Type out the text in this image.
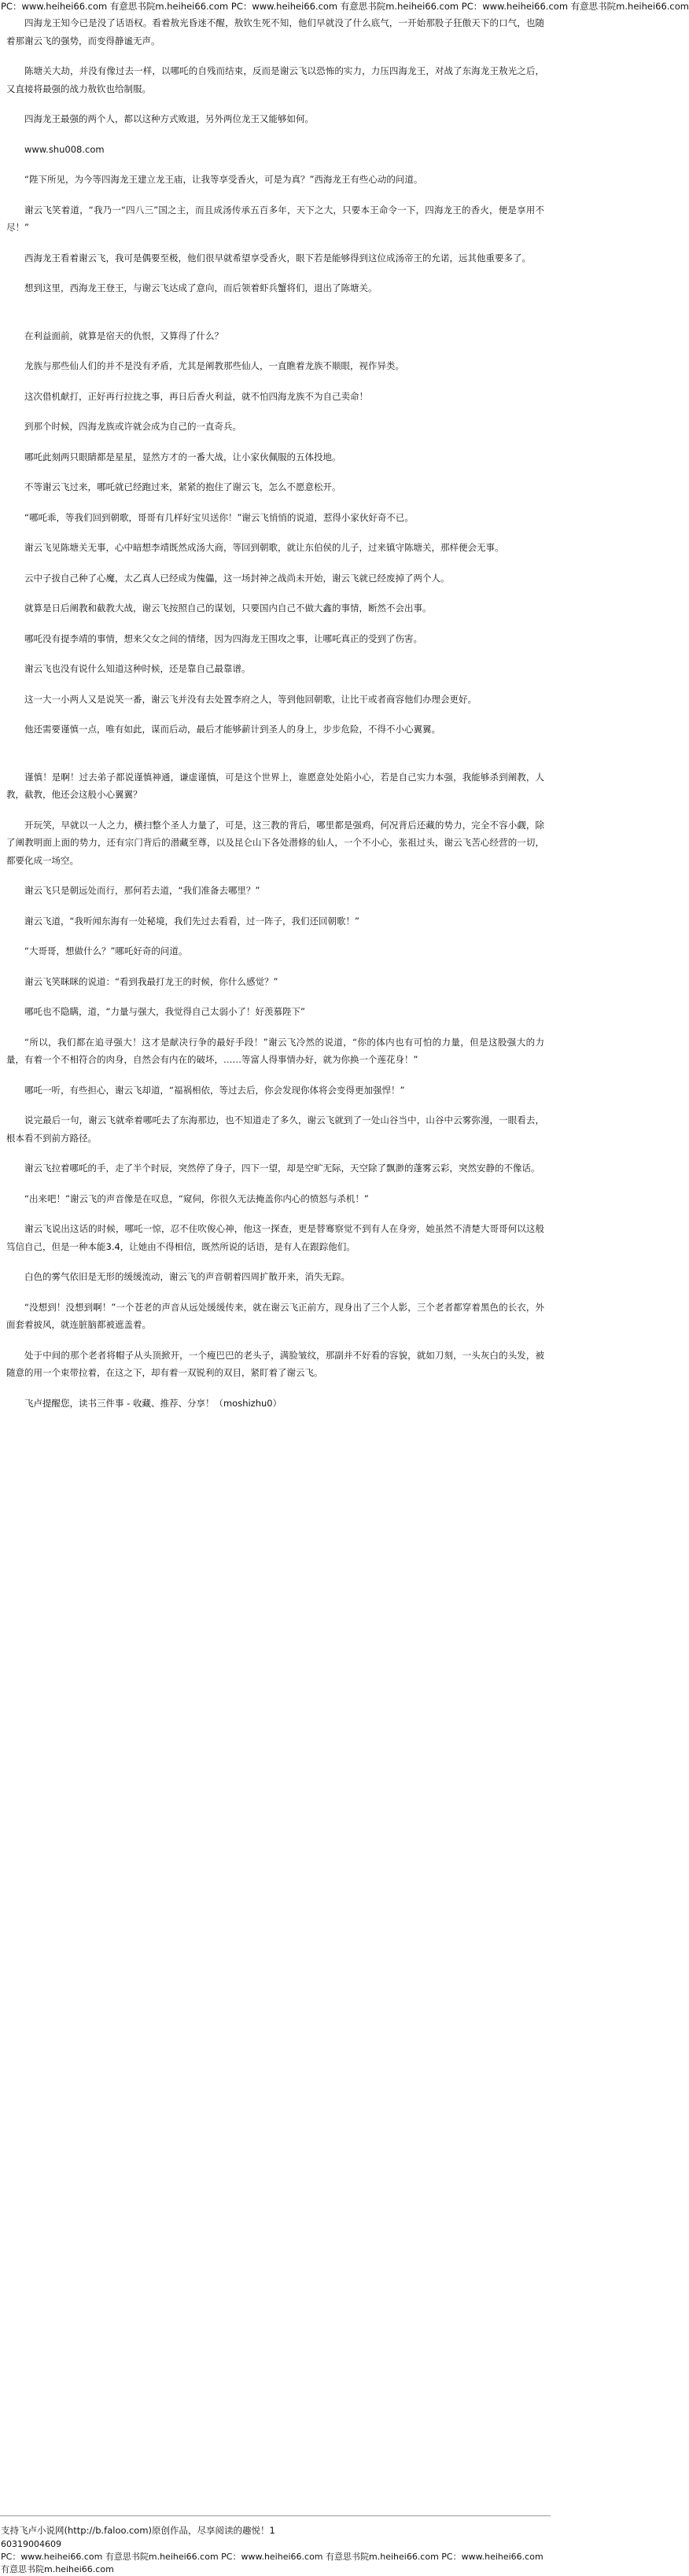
PC：www.heihei66.com 有意思书院m.heihei66.com PC：www.heihei66.com 有意思书院m.heihei66.com PC：www.heihei66.com 有意思书院m.heihei66.com

四海龙王知今已是没了话语权。看着敖光昏迷不醒，敖钦生死不知，他们早就没了什么底气，一开始那股子狂傲天下的口气，也随着那谢云飞的强势，而变得静谧无声。

陈塘关大劫，并没有像过去一样，以哪吒的自残而结束，反而是谢云飞以恐怖的实力，力压四海龙王，对战了东海龙王敖光之后，又直接将最强的战力敖钦也给制服。

四海龙王最强的两个人，都以这种方式败退，另外两位龙王又能够如何。

www.shu008.com

“陛下所见，为今等四海龙王建立龙王庙，让我等享受香火，可是为真？”西海龙王有些心动的问道。

谢云飞笑着道，“我乃一“四八三”国之主，而且成汤传承五百多年，天下之大，只要本王命令一下，四海龙王的香火，便是享用不尽！”

西海龙王看着谢云飞，我可是偶要至极，他们很早就希望享受香火，眼下若是能够得到这位成汤帝王的允诺，远其他重要多了。

想到这里，西海龙王登王，与谢云飞达成了意向，而后领着虾兵蟹将们，退出了陈塘关。

在利益面前，就算是宿天的仇恨，又算得了什么？

龙族与那些仙人们的并不是没有矛盾，尤其是阐教那些仙人，一直瞧着龙族不顺眼，视作异类。

这次借机献打，正好再行拉拢之事，再日后香火利益，就不怕四海龙族不为自己卖命！

到那个时候，四海龙族或许就会成为自己的一直奇兵。

哪吒此刻两只眼睛都是星星，显然方才的一番大战，让小家伙佩服的五体投地。

不等谢云飞过来，哪吒就已经跑过来，紧紧的抱住了谢云飞，怎么不愿意松开。

“哪吒乖，等我们回到朝歌，哥哥有几样好宝贝送你！”谢云飞悄悄的说道，惹得小家伙好奇不已。

谢云飞见陈塘关无事，心中暗想李靖既然成汤大商，等回到朝歌，就让东伯侯的儿子，过来镇守陈塘关，那样便会无事。

云中子拔自己种了心魔，太乙真人已经成为傀儡，这一场封神之战尚未开始，谢云飞就已经废掉了两个人。

就算是日后阐教和截教大战，谢云飞按照自己的谋划，只要国内自己不做大鑫的事情，断然不会出事。

哪吒没有提李靖的事情，想来父女之间的情绪，因为四海龙王围攻之事，让哪吒真正的受到了伤害。

谢云飞也没有说什么知道这种时候，还是靠自己最靠谱。

这一大一小两人又是说笑一番，谢云飞并没有去处置李府之人，等到他回朝歌，让比干或者商容他们办理会更好。

他还需要谨慎一点，唯有如此，谋而后动，最后才能够薪计到圣人的身上，步步危险，不得不小心翼翼。

谨慎！是啊！过去弟子都说谨慎神通，谦虚谨慎，可是这个世界上，谁愿意处处陷小心，若是自己实力本强，我能够杀到阐教，人教，截教，他还会这般小心翼翼？

开玩笑，早就以一人之力，横扫整个圣人力量了，可是，这三教的背后，哪里都是强鸡，何况背后还藏的势力，完全不容小觑，除了阐教明面上面的势力，还有宗门背后的潜藏至尊，以及昆仑山下各处潜修的仙人，一个不小心，张祖过头，谢云飞苦心经营的一切，都要化成一场空。

谢云飞只是朝远处而行，那何若去道，“我们准备去哪里？”

谢云飞道，“我听闻东海有一处秘境，我们先过去看看，过一阵子，我们还回朝歌！”

“大哥哥，想做什么？”哪吒好奇的问道。

谢云飞笑眯眯的说道：“看到我最打龙王的时候，你什么感觉？”

哪吒也不隐瞒，道，“力量与强大，我觉得自己太弱小了！好羡慕陛下”

“所以，我们都在追寻强大！这才是献决行争的最好手段！”谢云飞冷然的说道，“你的体内也有可怕的力量，但是这股强大的力量，有着一个不相符合的肉身，自然会有内在的破坏，……等富人得事情办好，就为你换一个莲花身！”

哪吒一听，有些担心，谢云飞却道，“福祸相依，等过去后，你会发现你体将会变得更加强悍！”

说完最后一句，谢云飞就牵着哪吒去了东海那边，也不知道走了多久，谢云飞就到了一处山谷当中，山谷中云雾弥漫，一眼看去，根本看不到前方路径。

谢云飞拉着哪吒的手，走了半个时辰，突然停了身子，四下一望，却是空旷无际，天空除了飘渺的蓬雾云彩，突然安静的不像话。

“出来吧！”谢云飞的声音像是在叹息，“窥伺，你很久无法掩盖你内心的愤怒与杀机！”

谢云飞说出这话的时候，哪吒一惊，忍不住吹俊心神，他这一探查，更是替骞察觉不到有人在身旁，她虽然不清楚大哥哥何以这般笃信自己，但是一种本能3.4，让她由不得相信，既然所说的话语，是有人在跟踪他们。

白色的雾气依旧是无形的缓缓流动，谢云飞的声音朝着四周扩散开来，消失无踪。

“没想到！没想到啊！”一个苍老的声音从远处缓缓传来，就在谢云飞正前方，现身出了三个人影，三个老者都穿着黑色的长衣，外面套着披风，就连脏脑都被遮盖着。

处于中间的那个老者将帽子从头顶掀开，一个瘦巴巴的老头子，满脸皱纹，那副并不好看的容貌，就如刀刻，一头灰白的头发，被随意的用一个束带拉着，在这之下，却有着一双锐利的双目，紧盯着了谢云飞。

飞卢提醒您，读书三件事 - 收藏、推荐、分享！（moshizhu0）

支持飞卢小说网(http://b.faloo.com)原创作品，尽享阅读的趣悦！1
60319004609
PC：www.heihei66.com 有意思书院m.heihei66.com PC：www.heihei66.com 有意思书院m.heihei66.com PC：www.heihei66.com 有意思书院m.heihei66.com
